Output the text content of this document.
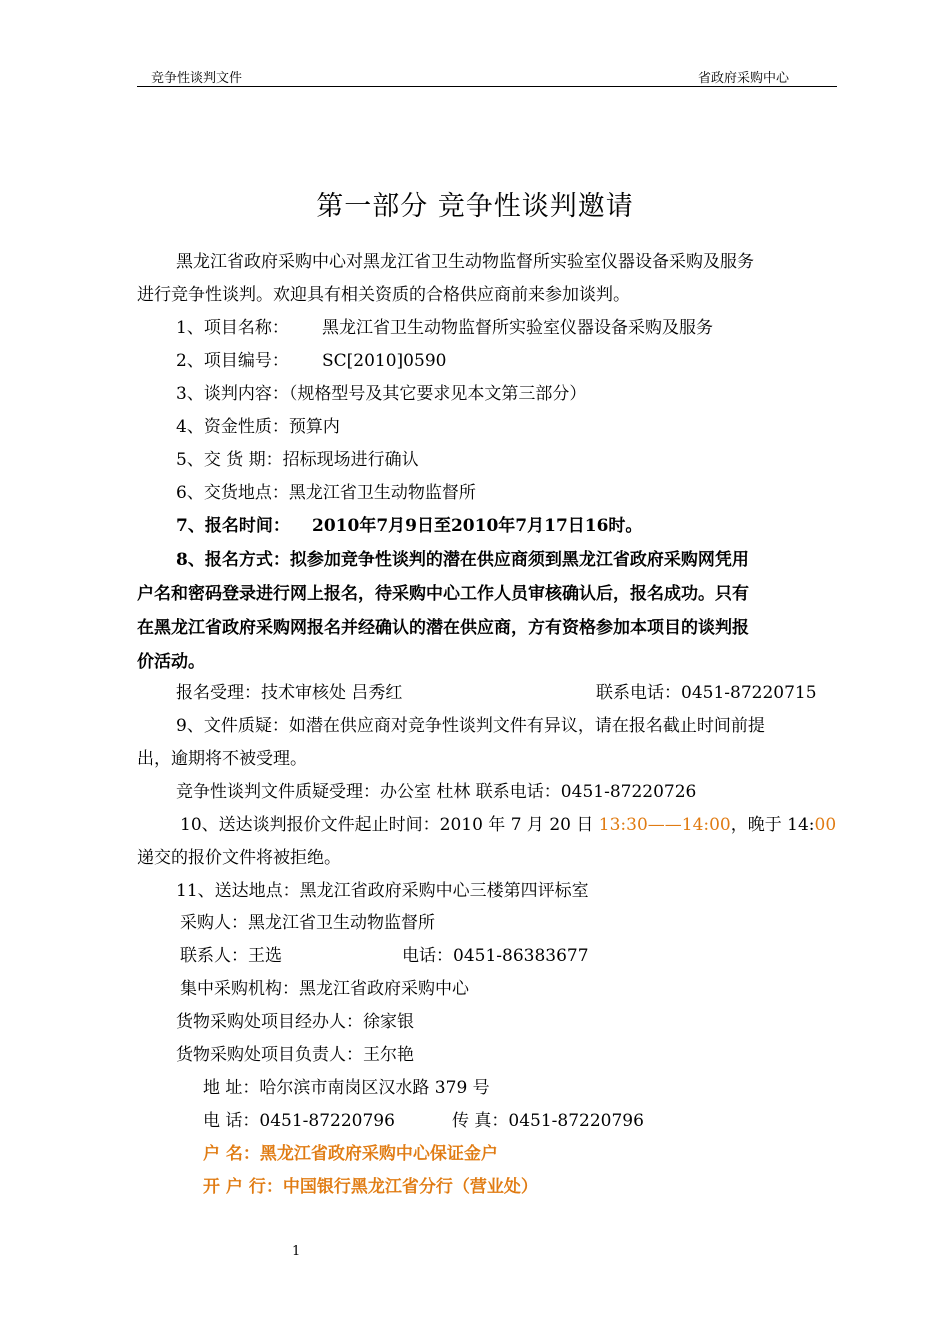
竞争性谈判文件	省政府采购中心
第一部分 竞争性谈判邀请
黑龙江省政府采购中心对黑龙江省卫生动物监督所实验室仪器设备采购及服务
进行竞争性谈判。欢迎具有相关资质的合格供应商前来参加谈判。
1、项目名称： 黑龙江省卫生动物监督所实验室仪器设备采购及服务
2、项目编号： SC[2010]0590
3、谈判内容：（规格型号及其它要求见本文第三部分）
4、资金性质：预算内
5、交 货 期：招标现场进行确认
6、交货地点：黑龙江省卫生动物监督所
7、报名时间： 2010年7月9日至2010年7月17日16时。
8、报名方式：拟参加竞争性谈判的潜在供应商须到黑龙江省政府采购网凭用
户名和密码登录进行网上报名，待采购中心工作人员审核确认后，报名成功。只有
在黑龙江省政府采购网报名并经确认的潜在供应商，方有资格参加本项目的谈判报
价活动。
报名受理：技术审核处 吕秀红	联系电话：0451-87220715
9、文件质疑：如潜在供应商对竞争性谈判文件有异议，请在报名截止时间前提
出，逾期将不被受理。
竞争性谈判文件质疑受理：办公室 杜林 联系电话：0451-87220726
10、送达谈判报价文件起止时间：2010 年 7 月 20 日 13:30——14:00，晚于 14:00
递交的报价文件将被拒绝。
11、送达地点：黑龙江省政府采购中心三楼第四评标室
采购人：黑龙江省卫生动物监督所
联系人：王选	电话：0451-86383677
集中采购机构：黑龙江省政府采购中心
货物采购处项目经办人：徐家银
货物采购处项目负责人：王尔艳
地 址：哈尔滨市南岗区汉水路 379 号
电 话：0451-87220796	传 真：0451-87220796
户 名：黑龙江省政府采购中心保证金户
开 户 行：中国银行黑龙江省分行（营业处）
1
